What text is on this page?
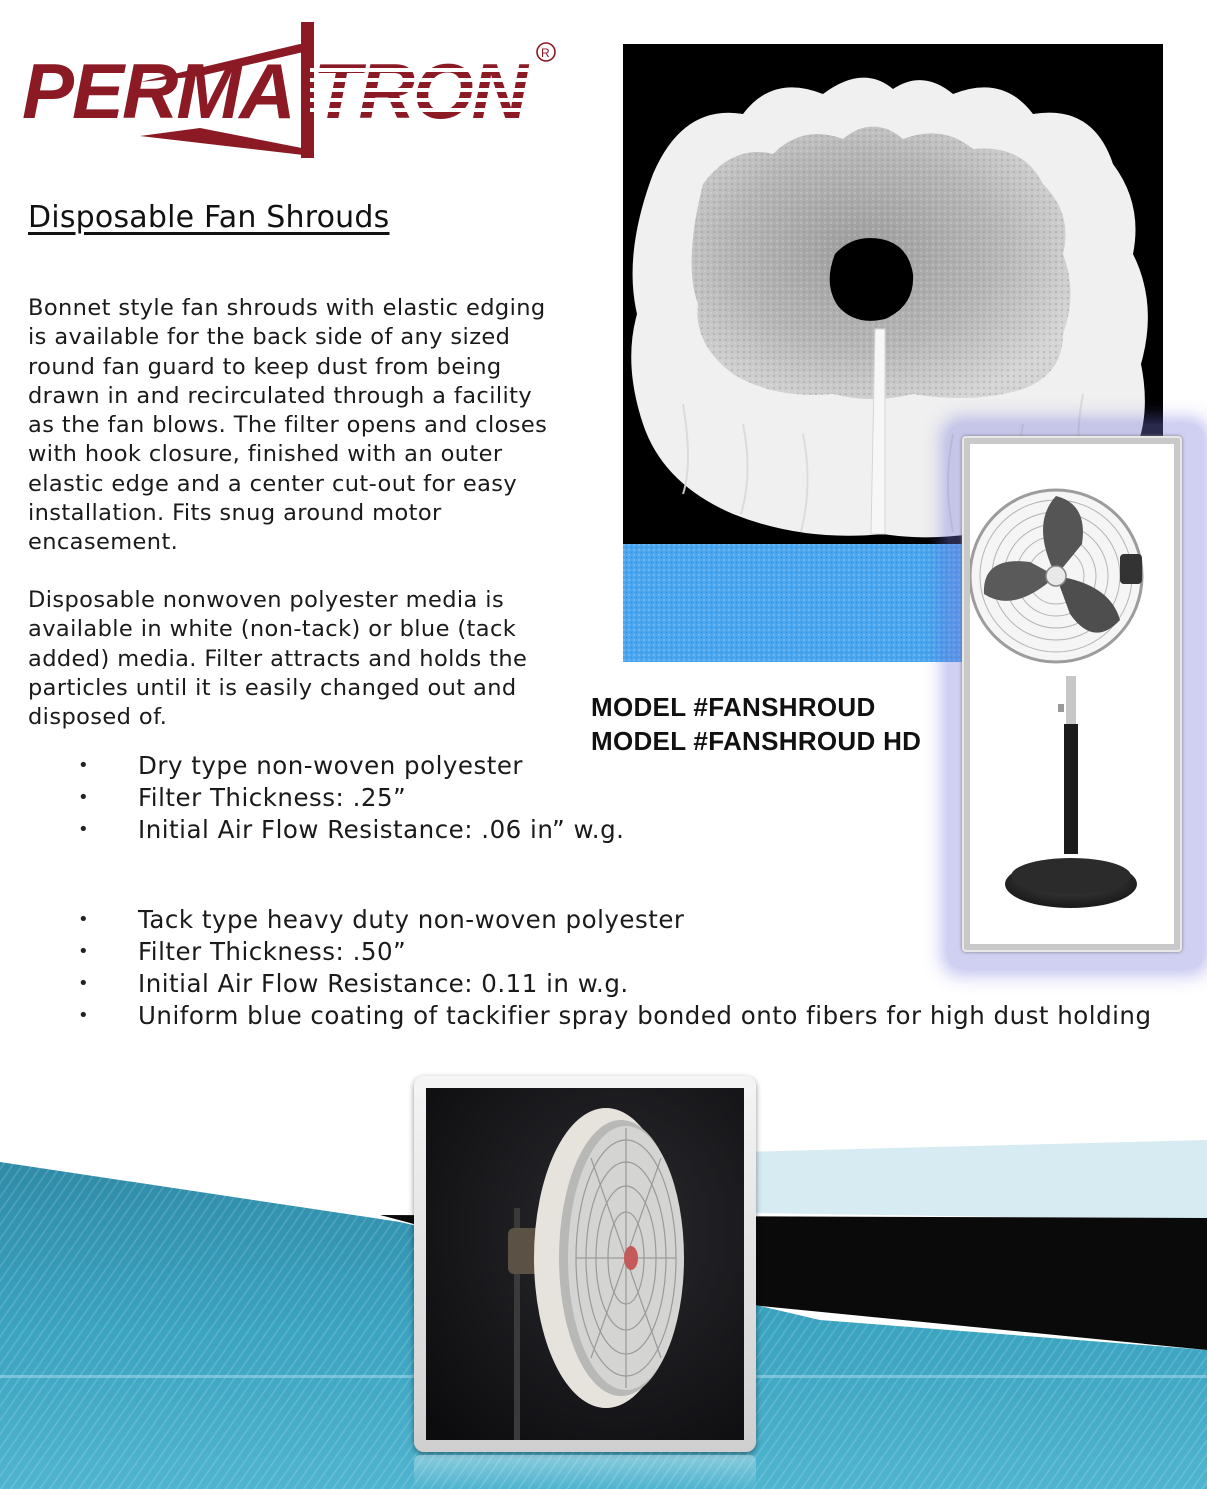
PERMA	R
Disposable Fan Shrouds

Bonnet style fan shrouds with elastic edging is available for the back side of any sized round fan guard to keep dust from being drawn in and recirculated through a facility as the fan blows. The filter opens and closes with hook closure, finished with an outer elastic edge and a center cut-out for easy installation. Fits snug around motor encasement.

Disposable nonwoven polyester media is available in white (non-tack) or blue (tack added) media. Filter attracts and holds the particles until it is easily changed out and disposed of.	MODEL #FANSHROUD
MODEL #FANSHROUD HD
•	Dry type non-woven polyester
•	Filter Thickness: .25”
•	Initial Air Flow Resistance: .06 in” w.g.
•	Tack type heavy duty non-woven polyester
•	Filter Thickness: .50”
•	Initial Air Flow Resistance: 0.11 in w.g.
•	Uniform blue coating of tackifier spray bonded onto fibers for high dust holding
